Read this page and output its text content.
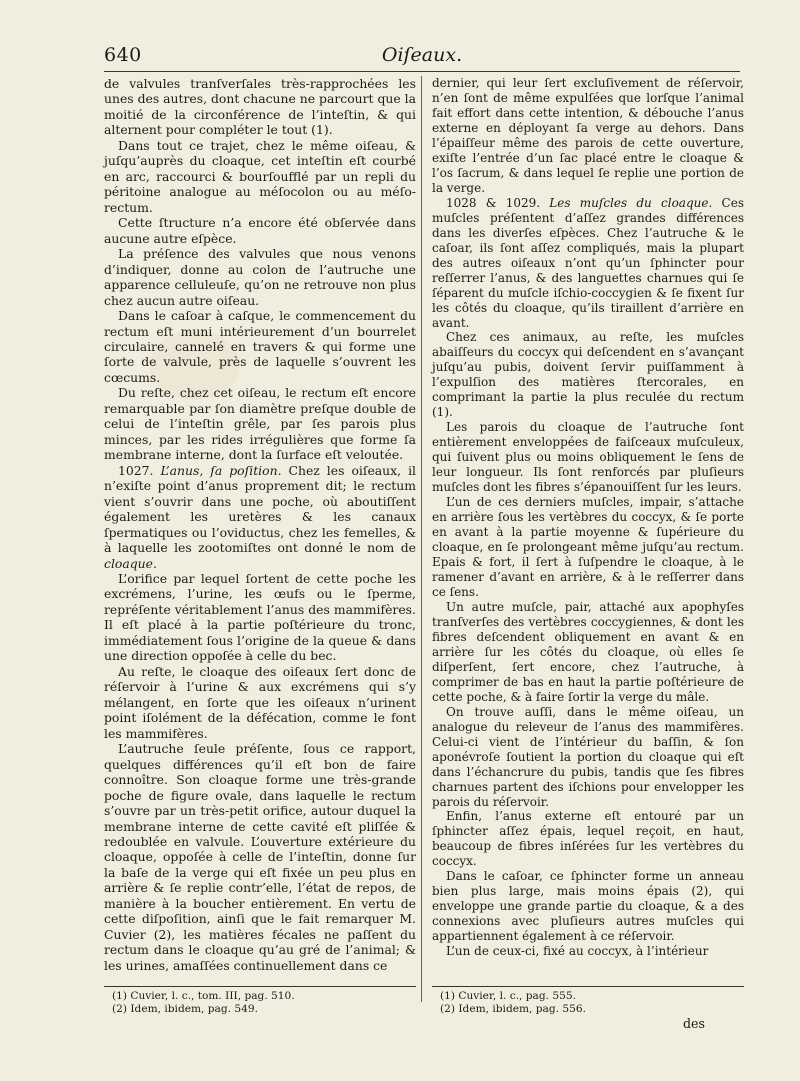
640	Oiſeaux.

de valvules tranſverſales très-rapprochées les unes des autres, dont chacune ne parcourt que la moitié de la circonférence de l’inteſtin, & qui alternent pour compléter le tout (1).

Dans tout ce trajet, chez le même oiſeau, & juſqu’auprès du cloaque, cet inteſtin eſt courbé en arc, raccourci & bourſoufflé par un repli du péritoine analogue au méſocolon ou au méſo-rectum.

Cette ſtructure n’a encore été obſervée dans aucune autre eſpèce.

La préſence des valvules que nous venons d’indiquer, donne au colon de l’autruche une apparence celluleuſe, qu’on ne retrouve non plus chez aucun autre oiſeau.

Dans le caſoar à caſque, le commencement du rectum eſt muni intérieurement d’un bourrelet circulaire, cannelé en travers & qui forme une ſorte de valvule, près de laquelle s’ouvrent les cœcums.

Du reſte, chez cet oiſeau, le rectum eſt encore remarquable par ſon diamètre preſque double de celui de l’inteſtin grêle, par ſes parois plus minces, par les rides irrégulières que forme ſa membrane interne, dont la ſurface eſt veloutée.

1027. L’anus, ſa poſition. Chez les oiſeaux, il n’exiſte point d’anus proprement dit; le rectum vient s’ouvrir dans une poche, où aboutiſſent également les uretères & les canaux ſpermatiques ou l’oviductus, chez les femelles, & à laquelle les zootomiſtes ont donné le nom de cloaque.

L’orifice par lequel ſortent de cette poche les excrémens, l’urine, les œufs ou le ſperme, repréſente véritablement l’anus des mammifères. Il eſt placé à la partie poſtérieure du tronc, immédiatement ſous l’origine de la queue & dans une direction oppoſée à celle du bec.

Au reſte, le cloaque des oiſeaux ſert donc de réſervoir à l’urine & aux excrémens qui s’y mélangent, en ſorte que les oiſeaux n’urinent point iſolément de la défécation, comme le font les mammifères.

L’autruche ſeule préſente, ſous ce rapport, quelques différences qu’il eſt bon de faire connoître. Son cloaque forme une très-grande poche de figure ovale, dans laquelle le rectum s’ouvre par un très-petit orifice, autour duquel la membrane interne de cette cavité eſt pliſſée & redoublée en valvule. L’ouverture extérieure du cloaque, oppoſée à celle de l’inteſtin, donne ſur la baſe de la verge qui eſt fixée un peu plus en arrière & ſe replie contr’elle, l’état de repos, de manière à la boucher entièrement. En vertu de cette diſpoſition, ainſi que le fait remarquer M. Cuvier (2), les matières fécales ne paſſent du rectum dans le cloaque qu’au gré de l’animal; & les urines, amaſſées continuellement dans ce

dernier, qui leur ſert excluſivement de réſervoir, n’en ſont de même expulſées que lorſque l’animal fait effort dans cette intention, & débouche l’anus externe en déployant ſa verge au dehors. Dans l’épaiſſeur même des parois de cette ouverture, exiſte l’entrée d’un ſac placé entre le cloaque & l’os ſacrum, & dans lequel ſe replie une portion de la verge.

1028 & 1029. Les muſcles du cloaque. Ces muſcles préſentent d’aſſez grandes différences dans les diverſes eſpèces. Chez l’autruche & le caſoar, ils ſont aſſez compliqués, mais la plupart des autres oiſeaux n’ont qu’un ſphincter pour reſſerrer l’anus, & des languettes charnues qui ſe ſéparent du muſcle iſchio-coccygien & ſe fixent ſur les côtés du cloaque, qu’ils tiraillent d’arrière en avant.

Chez ces animaux, au reſte, les muſcles abaiſſeurs du coccyx qui deſcendent en s’avançant juſqu’au pubis, doivent ſervir puiſſamment à l’expulſion des matières ſtercorales, en comprimant la partie la plus reculée du rectum (1).

Les parois du cloaque de l’autruche ſont entièrement enveloppées de faiſceaux muſculeux, qui ſuivent plus ou moins obliquement le ſens de leur longueur. Ils ſont renforcés par pluſieurs muſcles dont les fibres s’épanouiſſent ſur les leurs.

L’un de ces derniers muſcles, impair, s’attache en arrière ſous les vertèbres du coccyx, & ſe porte en avant à la partie moyenne & ſupérieure du cloaque, en ſe prolongeant même juſqu’au rectum. Epais & fort, il ſert à ſuſpendre le cloaque, à le ramener d’avant en arrière, & à le reſſerrer dans ce ſens.

Un autre muſcle, pair, attaché aux apophyſes tranſverſes des vertèbres coccygiennes, & dont les fibres deſcendent obliquement en avant & en arrière ſur les côtés du cloaque, où elles ſe diſperſent, ſert encore, chez l’autruche, à comprimer de bas en haut la partie poſtérieure de cette poche, & à faire ſortir la verge du mâle.

On trouve auſſi, dans le même oiſeau, un analogue du releveur de l’anus des mammifères. Celui-ci vient de l’intérieur du baſſin, & ſon aponévroſe ſoutient la portion du cloaque qui eſt dans l’échancrure du pubis, tandis que ſes fibres charnues partent des iſchions pour envelopper les parois du réſervoir.

Enfin, l’anus externe eſt entouré par un ſphincter aſſez épais, lequel reçoit, en haut, beaucoup de fibres inſérées ſur les vertèbres du coccyx.

Dans le caſoar, ce ſphincter forme un anneau bien plus large, mais moins épais (2), qui enveloppe une grande partie du cloaque, & a des connexions avec pluſieurs autres muſcles qui appartiennent également à ce réſervoir.

L’un de ceux-ci, fixé au coccyx, à l’intérieur

(1) Cuvier, l. c., tom. III, pag. 510.
(2) Idem, ibidem, pag. 549.
(1) Cuvier, l. c., pag. 555.
(2) Idem, ibidem, pag. 556.
des
